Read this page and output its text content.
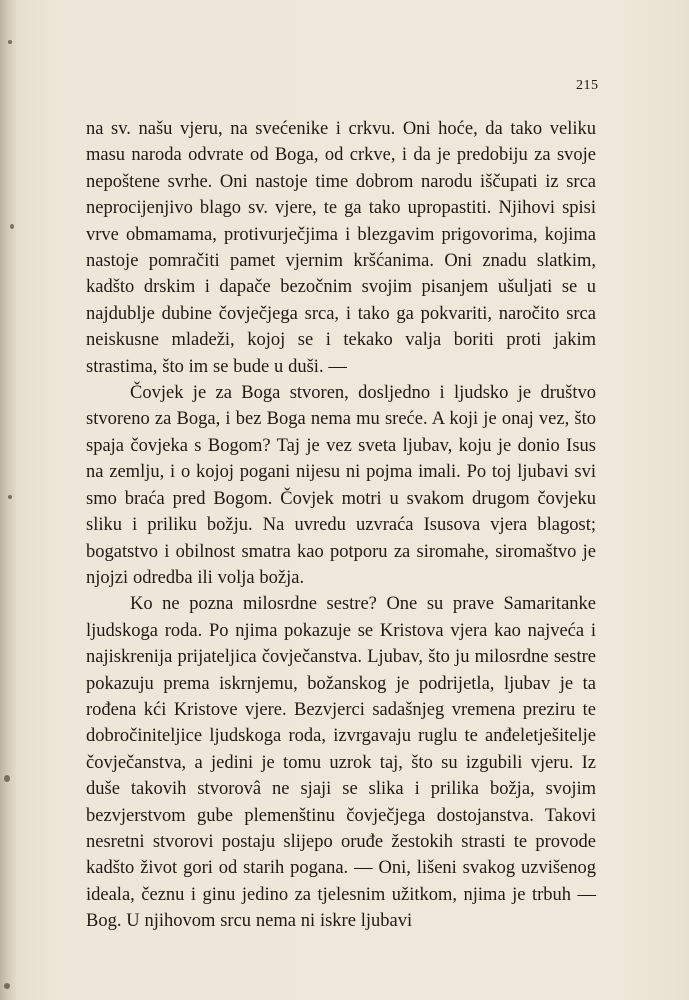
215

na sv. našu vjeru, na svećenike i crkvu. Oni hoće, da tako veliku masu naroda odvrate od Boga, od crkve, i da je predobiju za svoje nepoštene svrhe. Oni nastoje time dobrom narodu iščupati iz srca neprocijenjivo blago sv. vjere, te ga tako upropastiti. Njihovi spisi vrve obmamama, protivurječjima i blezgavim prigovorima, kojima nastoje pomračiti pamet vjernim kršćanima. Oni znadu slatkim, kadšto drskim i dapače bezočnim svojim pisanjem ušuljati se u najdublje dubine čovječjega srca, i tako ga pokvariti, naročito srca neiskusne mladeži, kojoj se i tekako valja boriti proti jakim strastima, što im se bude u duši. —

Čovjek je za Boga stvoren, dosljedno i ljudsko je društvo stvoreno za Boga, i bez Boga nema mu sreće. A koji je onaj vez, što spaja čovjeka s Bogom? Taj je vez sveta ljubav, koju je donio Isus na zemlju, i o kojoj pogani nijesu ni pojma imali. Po toj ljubavi svi smo braća pred Bogom. Čovjek motri u svakom drugom čovjeku sliku i priliku božju. Na uvredu uzvraća Isusova vjera blagost; bogatstvo i obilnost smatra kao potporu za siromahe, siromaštvo je njojzi odredba ili volja božja.

Ko ne pozna milosrdne sestre? One su prave Samaritanke ljudskoga roda. Po njima pokazuje se Kristova vjera kao najveća i najiskrenija prijateljica čovječanstva. Ljubav, što ju milosrdne sestre pokazuju prema iskrnjemu, božanskog je podrijetla, ljubav je ta rođena kći Kristove vjere. Bezvjerci sadašnjeg vremena preziru te dobročiniteljice ljudskoga roda, izvrgavaju ruglu te anđeletješitelje čovječanstva, a jedini je tomu uzrok taj, što su izgubili vjeru. Iz duše takovih stvorovâ ne sjaji se slika i prilika božja, svojim bezvjerstvom gube plemenštinu čovječjega dostojanstva. Takovi nesretni stvorovi postaju slijepo oruđe žestokih strasti te provode kadšto život gori od starih pogana. — Oni, lišeni svakog uzvišenog ideala, čeznu i ginu jedino za tjelesnim užitkom, njima je trbuh — Bog. U njihovom srcu nema ni iskre ljubavi
